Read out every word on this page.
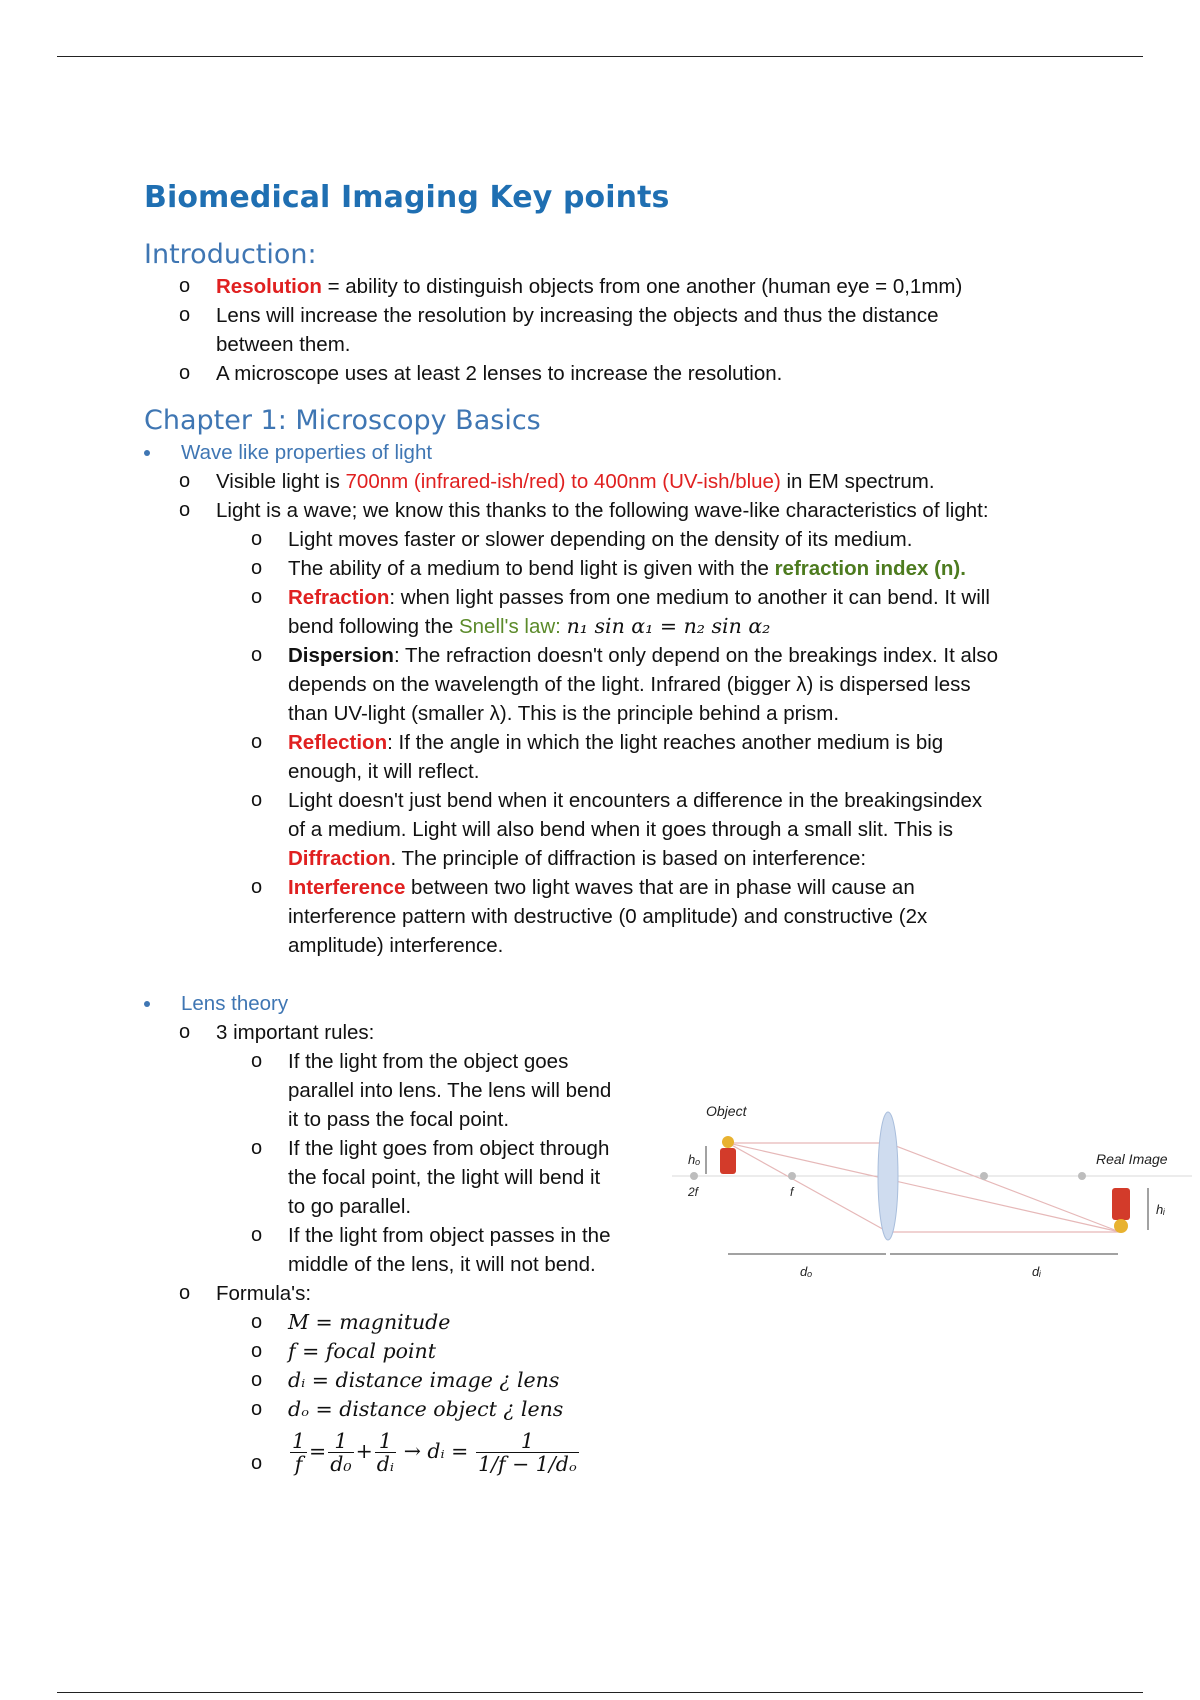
Biomedical Imaging Key points
Introduction:
o Resolution = ability to distinguish objects from one another (human eye = 0,1mm)
o Lens will increase the resolution by increasing the objects and thus the distance
between them.
o A microscope uses at least 2 lenses to increase the resolution.
Chapter 1: Microscopy Basics
Wave like properties of light
o Visible light is 700nm (infrared-ish/red) to 400nm (UV-ish/blue) in EM spectrum.
o Light is a wave; we know this thanks to the following wave-like characteristics of light:
o Light moves faster or slower depending on the density of its medium.
o The ability of a medium to bend light is given with the refraction index (n).
o Refraction: when light passes from one medium to another it can bend. It will
bend following the Snell's law: n₁ sin α₁ = n₂ sin α₂
o Dispersion: The refraction doesn't only depend on the breakings index. It also
depends on the wavelength of the light. Infrared (bigger λ) is dispersed less
than UV-light (smaller λ). This is the principle behind a prism.
o Reflection: If the angle in which the light reaches another medium is big
enough, it will reflect.
o Light doesn't just bend when it encounters a difference in the breakingsindex
of a medium. Light will also bend when it goes through a small slit. This is
Diffraction. The principle of diffraction is based on interference:
o Interference between two light waves that are in phase will cause an
interference pattern with destructive (0 amplitude) and constructive (2x
amplitude) interference.
Lens theory
o 3 important rules:
o If the light from the object goes
parallel into lens. The lens will bend
it to pass the focal point.
o If the light goes from object through
the focal point, the light will bend it
to go parallel.
o If the light from object passes in the
middle of the lens, it will not bend.
o Formula's:
o M = magnitude
o f = focal point
o dᵢ = distance image ¿ lens
o dₒ = distance object ¿ lens
o $\frac{1}{f} = \frac{1}{\text{d₀}} + \frac{1}{\text{dᵢ}}$ → dᵢ = $\frac{1}{\text{1/f − 1/dₒ}}$
Object
Real Image
hₒ
hᵢ
2f	f
dₒ	dᵢ
